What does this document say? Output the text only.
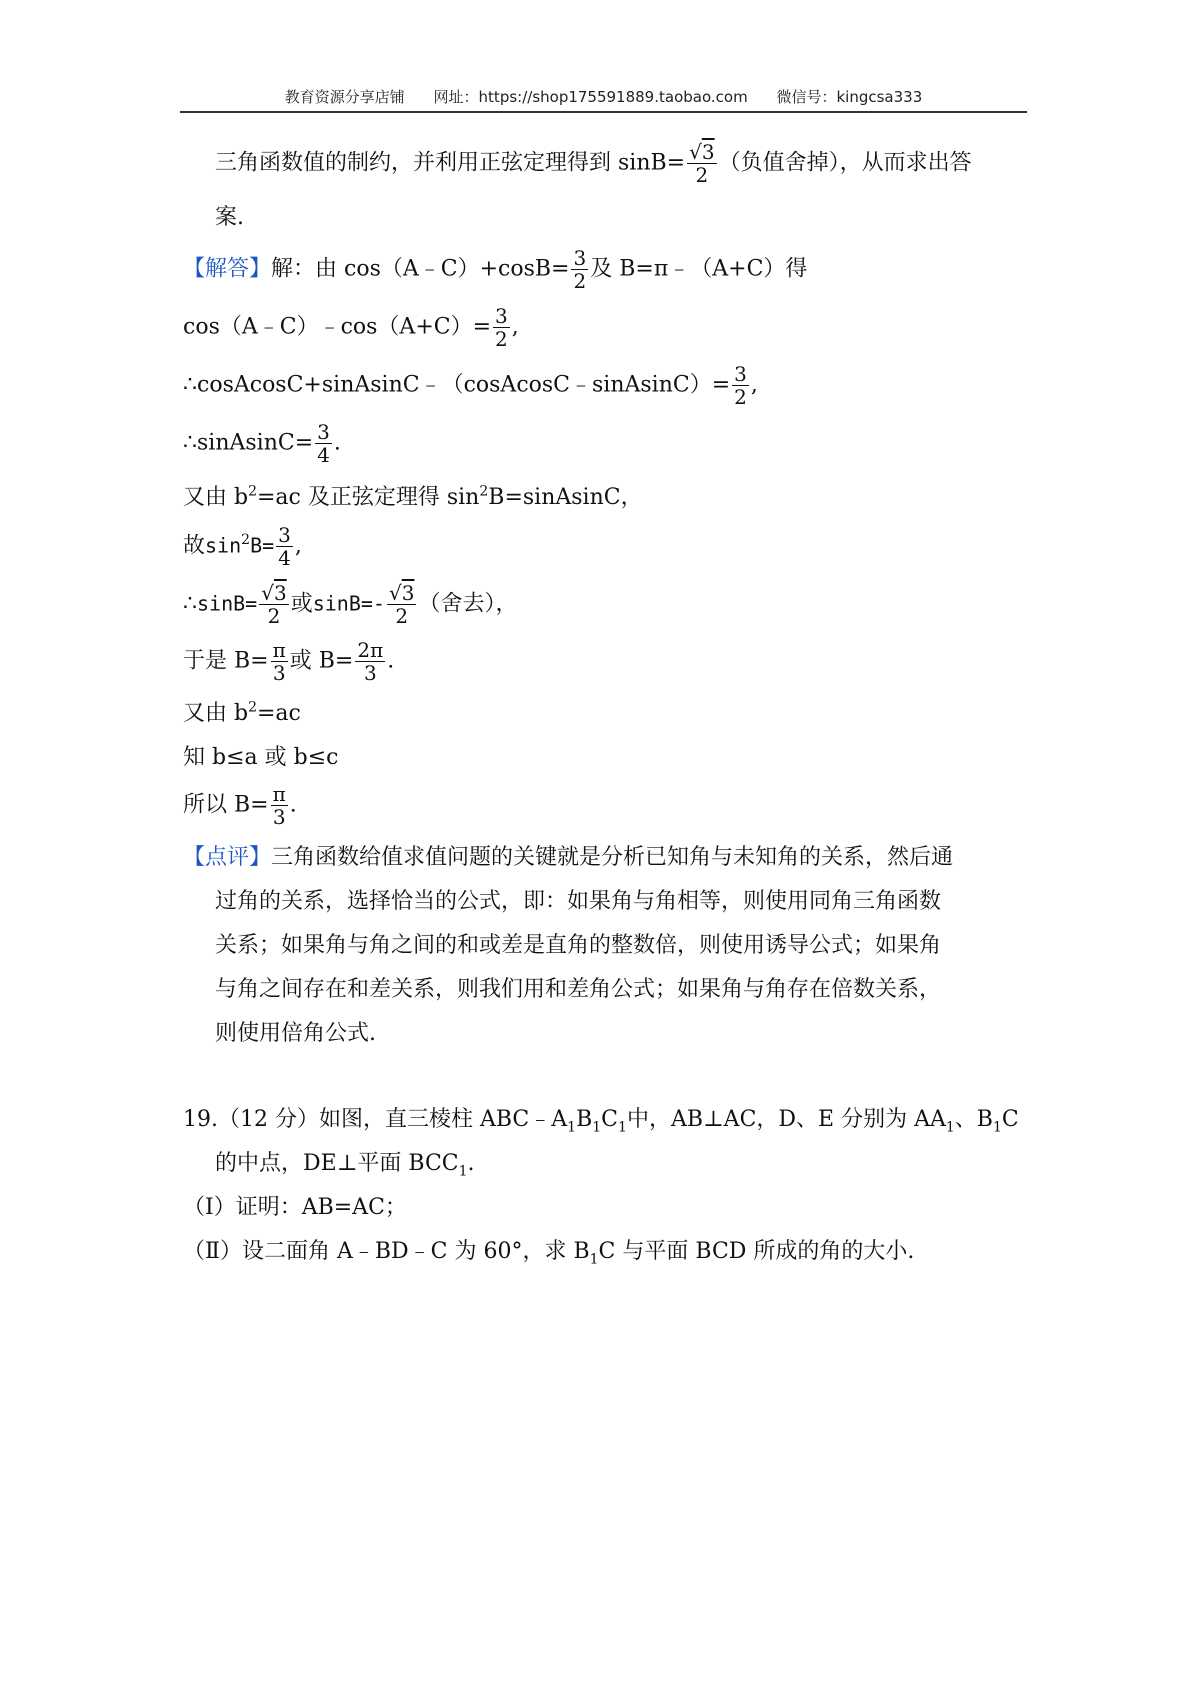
教育资源分享店铺 网址：https://shop175591889.taobao.com 微信号：kingcsa333
三角函数值的制约，并利用正弦定理得到 $\sin B= \frac{√3}{2}$ （负值舍掉），从而求出答
案.
【解答】解：由 cos（A﹣C）+cosB= $\frac{3}{2}$ 及 B=π﹣（A+C）得
cos（A﹣C）﹣cos（A+C）= $\frac{3}{2}$ ,
∴cosAcosC+sinAsinC﹣（cosAcosC﹣sinAsinC）= $\frac{3}{2}$ ,
∴sinAsinC= $\frac{3}{4}$ .
又由 $b^2=ac$ 及正弦定理得 $\sin^2B=sinAsinC$，
故$\sin^2B= \frac{3}{4}$ ,
∴sinB= $\frac{√3}{2}$ 或$\sin B=- \frac{√3}{2}$ （舍去），
于是 $B= \frac{\pi}{3}$ 或 $B= \frac{2\pi}{3}$ .
又由 $b^2=ac$
知 b≤a 或 b≤c
所以 $B= \frac{\pi}{3}$ .
【点评】三角函数给值求值问题的关键就是分析已知角与未知角的关系，然后通
过角的关系，选择恰当的公式，即：如果角与角相等，则使用同角三角函数
关系；如果角与角之间的和或差是直角的整数倍，则使用诱导公式；如果角
与角之间存在和差关系，则我们用和差角公式；如果角与角存在倍数关系，
则使用倍角公式.
19.（12 分）如图，直三棱柱 $ABC﹣A_1B_1C_1$中，AB⊥AC，D、E 分别为 $AA_1$、$B_1C$
的中点，DE⊥平面 $BCC_1$.
（Ⅰ）证明：AB=AC；
（Ⅱ）设二面角 A﹣BD﹣C 为 60°，求 $B_1C$ 与平面 BCD 所成的角的大小.
